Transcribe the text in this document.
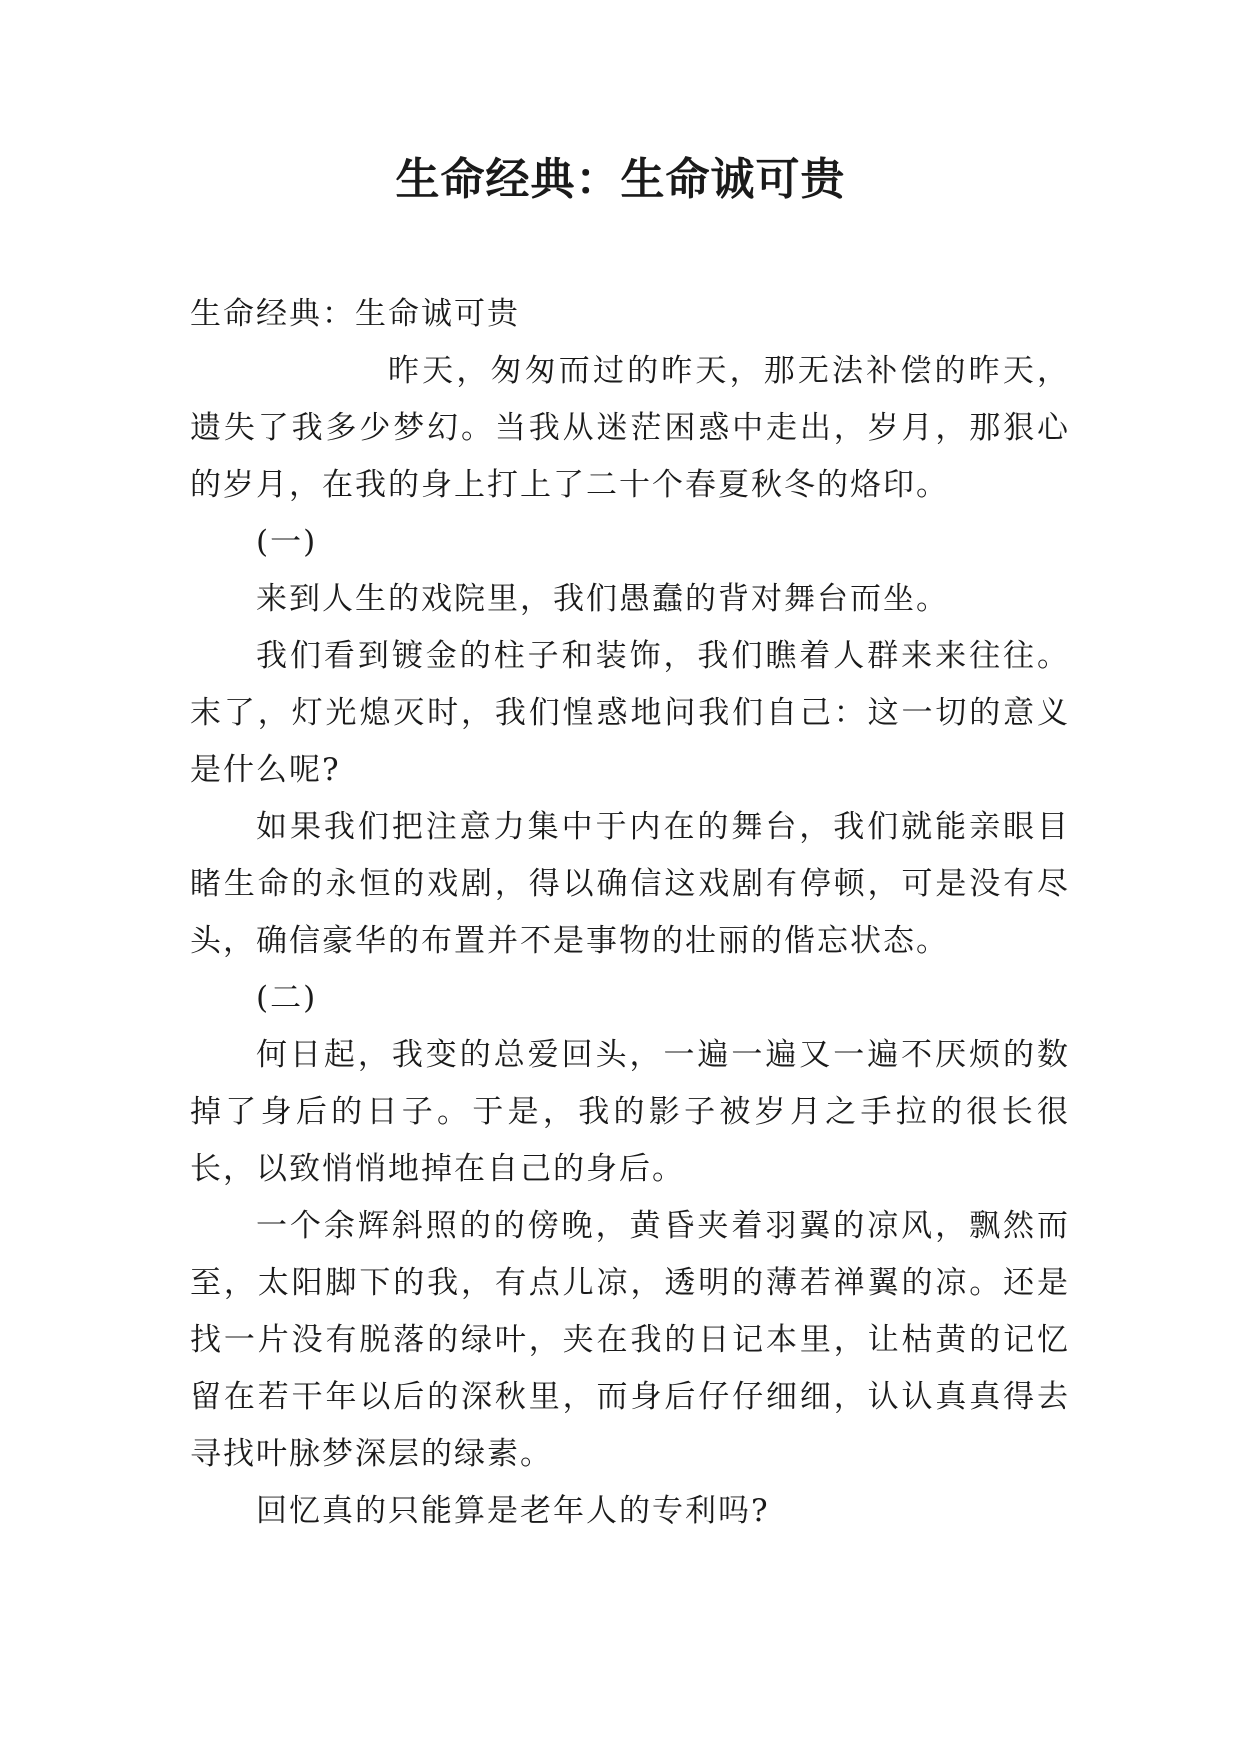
生命经典：生命诚可贵

生命经典：生命诚可贵

昨天，匆匆而过的昨天，那无法补偿的昨天，遗失了我多少梦幻。当我从迷茫困惑中走出，岁月，那狠心的岁月，在我的身上打上了二十个春夏秋冬的烙印。

(一)

来到人生的戏院里，我们愚蠢的背对舞台而坐。

我们看到镀金的柱子和装饰，我们瞧着人群来来往往。末了，灯光熄灭时，我们惶惑地问我们自己：这一切的意义是什么呢?

如果我们把注意力集中于内在的舞台，我们就能亲眼目睹生命的永恒的戏剧，得以确信这戏剧有停顿，可是没有尽头，确信豪华的布置并不是事物的壮丽的偕忘状态。

(二)

何日起，我变的总爱回头，一遍一遍又一遍不厌烦的数掉了身后的日子。于是，我的影子被岁月之手拉的很长很长，以致悄悄地掉在自己的身后。

一个余辉斜照的的傍晚，黄昏夹着羽翼的凉风，飘然而至，太阳脚下的我，有点儿凉，透明的薄若禅翼的凉。还是找一片没有脱落的绿叶，夹在我的日记本里，让枯黄的记忆留在若干年以后的深秋里，而身后仔仔细细，认认真真得去寻找叶脉梦深层的绿素。

回忆真的只能算是老年人的专利吗?
